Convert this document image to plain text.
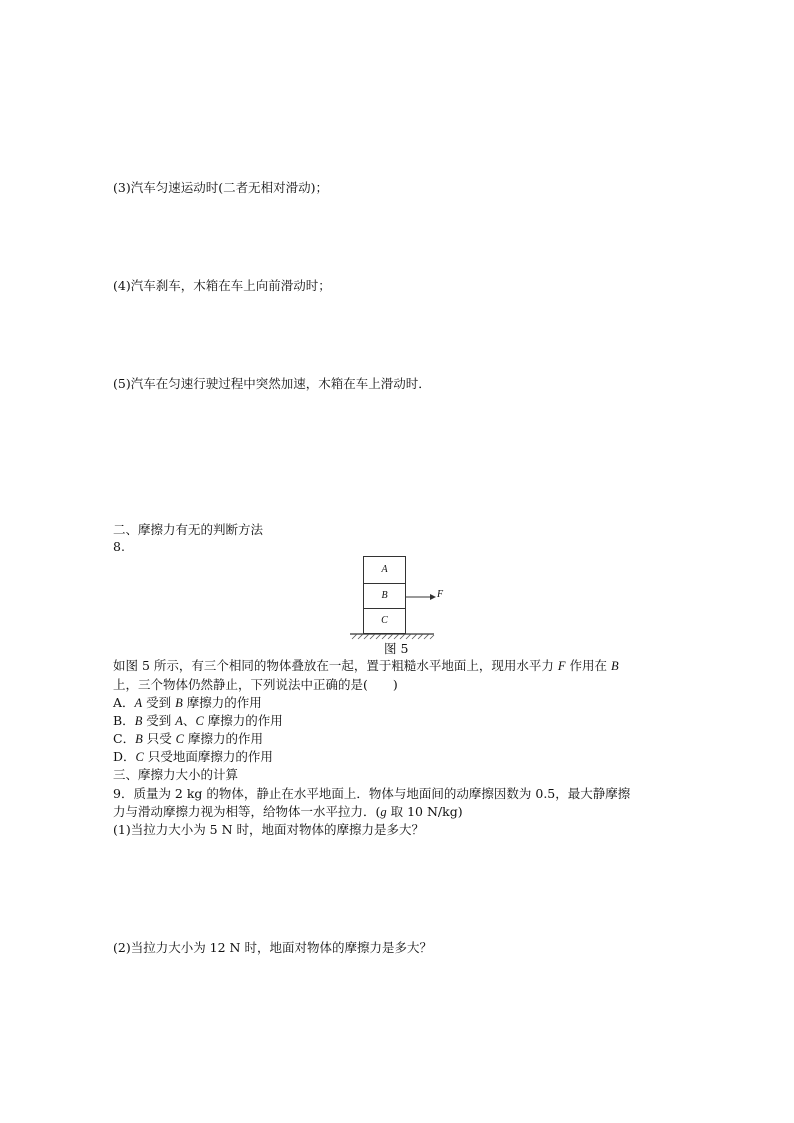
(3)汽车匀速运动时(二者无相对滑动)；
(4)汽车刹车，木箱在车上向前滑动时；
(5)汽车在匀速行驶过程中突然加速，木箱在车上滑动时．
二、摩擦力有无的判断方法
8.
A
B
C
F
图 5
如图 5 所示，有三个相同的物体叠放在一起，置于粗糙水平地面上，现用水平力 F 作用在 B
上，三个物体仍然静止，下列说法中正确的是(　　)
A．A 受到 B 摩擦力的作用
B．B 受到 A、C 摩擦力的作用
C．B 只受 C 摩擦力的作用
D．C 只受地面摩擦力的作用
三、摩擦力大小的计算
9．质量为 2 kg 的物体，静止在水平地面上．物体与地面间的动摩擦因数为 0.5，最大静摩擦
力与滑动摩擦力视为相等，给物体一水平拉力．(g 取 10 N/kg)
(1)当拉力大小为 5 N 时，地面对物体的摩擦力是多大？
(2)当拉力大小为 12 N 时，地面对物体的摩擦力是多大？
